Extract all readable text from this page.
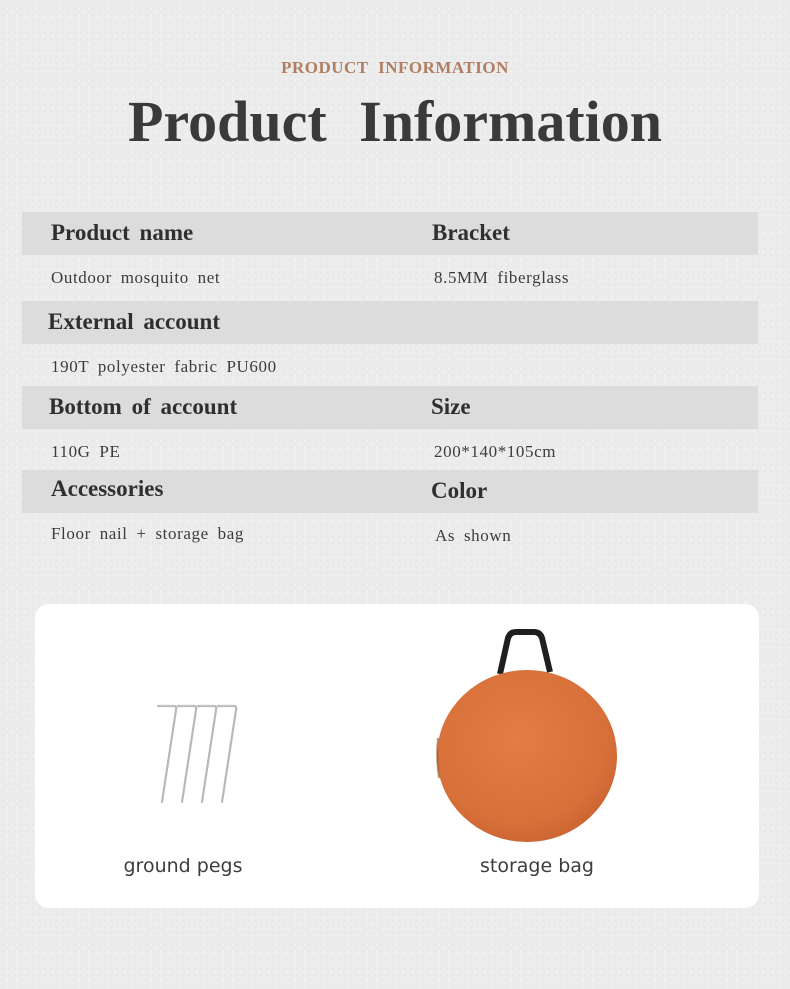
PRODUCT INFORMATION
Product Information
Product name	Bracket
Outdoor mosquito net	8.5MM fiberglass
External account
190T polyester fabric PU600
Bottom of account	Size
110G PE	200*140*105cm
Accessories	Color
Floor nail + storage bag	As shown
ground pegs	storage bag
